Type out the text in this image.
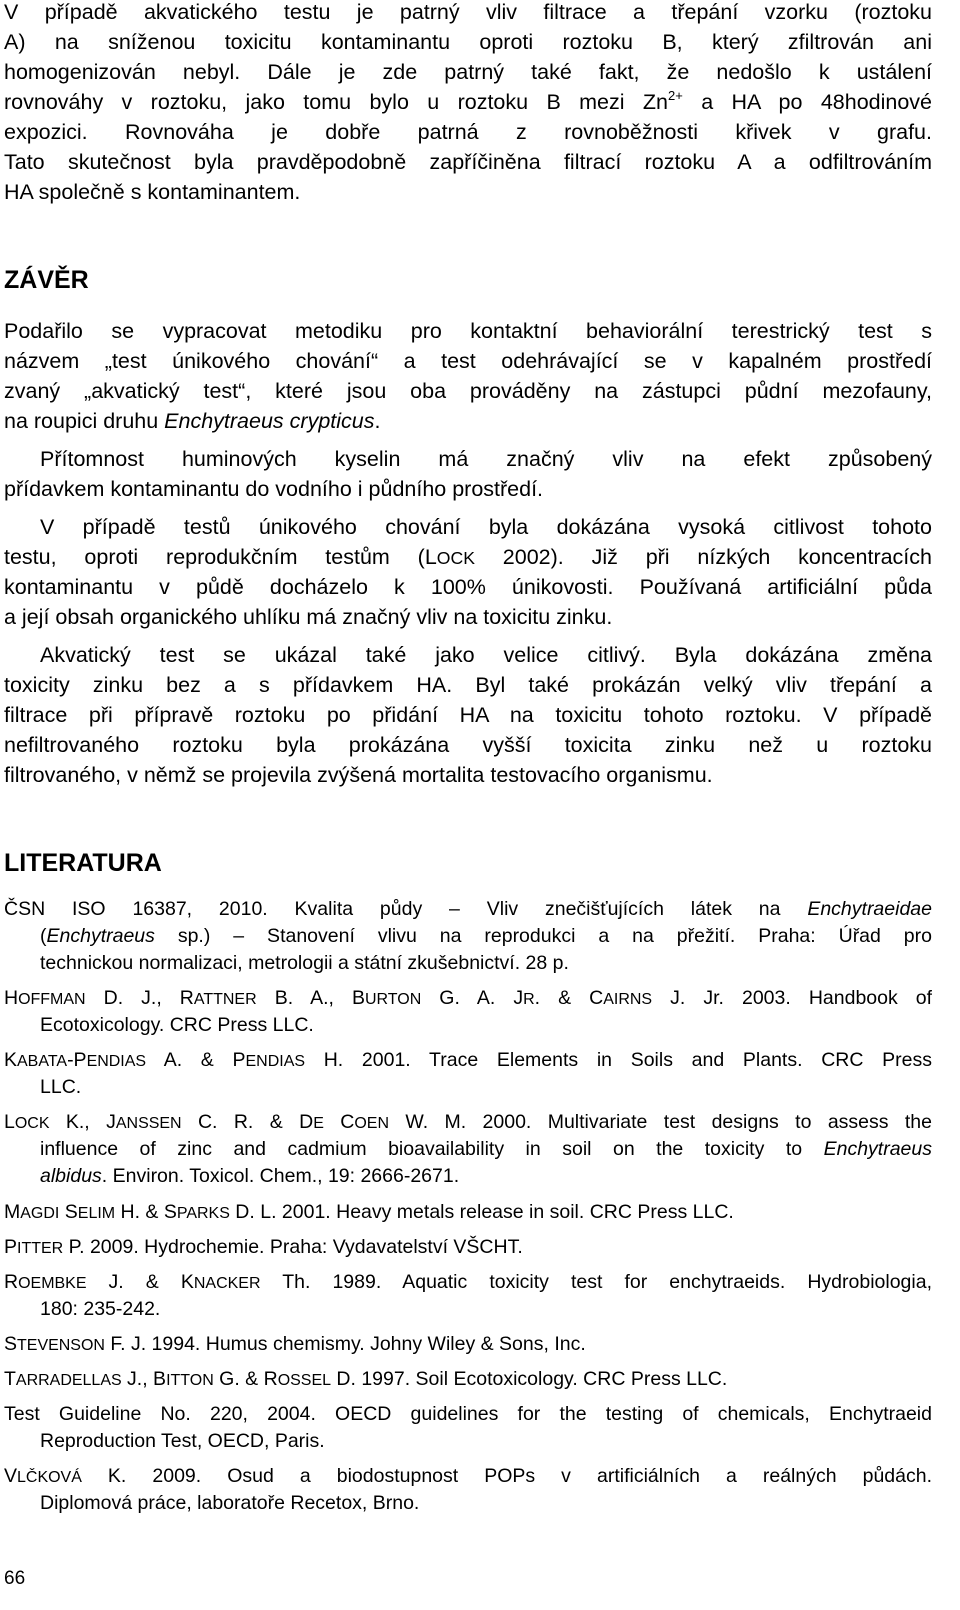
V případě akvatického testu je patrný vliv filtrace a třepání vzorku (roztoku
A) na sníženou toxicitu kontaminantu oproti roztoku B, který zfiltrován ani
homogenizován nebyl. Dále je zde patrný také fakt, že nedošlo k ustálení
rovnováhy v roztoku, jako tomu bylo u roztoku B mezi $Zn^{2+}$ a HA po 48hodinové
expozici. Rovnováha je dobře patrná z rovnoběžnosti křivek v grafu.
Tato skutečnost byla pravděpodobně zapříčiněna filtrací roztoku A a odfiltrováním
HA společně s kontaminantem.
ZÁVĚR
Podařilo se vypracovat metodiku pro kontaktní behaviorální terestrický test s
názvem „test únikového chování“ a test odehrávající se v kapalném prostředí
zvaný „akvatický test“, které jsou oba prováděny na zástupci půdní mezofauny,
na roupici druhu Enchytraeus crypticus.
Přítomnost huminových kyselin má značný vliv na efekt způsobený
přídavkem kontaminantu do vodního i půdního prostředí.
V případě testů únikového chování byla dokázána vysoká citlivost tohoto
testu, oproti reprodukčním testům (LOCK 2002). Již při nízkých koncentracích
kontaminantu v půdě docházelo k 100% únikovosti. Používaná artificiální půda
a její obsah organického uhlíku má značný vliv na toxicitu zinku.
Akvatický test se ukázal také jako velice citlivý. Byla dokázána změna
toxicity zinku bez a s přídavkem HA. Byl také prokázán velký vliv třepání a
filtrace při přípravě roztoku po přidání HA na toxicitu tohoto roztoku. V případě
nefiltrovaného roztoku byla prokázána vyšší toxicita zinku než u roztoku
filtrovaného, v němž se projevila zvýšená mortalita testovacího organismu.
LITERATURA
ČSN ISO 16387, 2010. Kvalita půdy – Vliv znečišťujících látek na Enchytraeidae
(Enchytraeus sp.) – Stanovení vlivu na reprodukci a na přežití. Praha: Úřad pro
technickou normalizaci, metrologii a státní zkušebnictví. 28 p.
HOFFMAN D. J., RATTNER B. A., BURTON G. A. JR. & CAIRNS J. Jr. 2003. Handbook of
Ecotoxicology. CRC Press LLC.
KABATA-PENDIAS A. & PENDIAS H. 2001. Trace Elements in Soils and Plants. CRC Press
LLC.
LOCK K., JANSSEN C. R. & DE COEN W. M. 2000. Multivariate test designs to assess the
influence of zinc and cadmium bioavailability in soil on the toxicity to Enchytraeus
albidus. Environ. Toxicol. Chem., 19: 2666-2671.
MAGDI SELIM H. & SPARKS D. L. 2001. Heavy metals release in soil. CRC Press LLC.
PITTER P. 2009. Hydrochemie. Praha: Vydavatelství VŠCHT.
ROEMBKE J. & KNACKER Th. 1989. Aquatic toxicity test for enchytraeids. Hydrobiologia,
180: 235-242.
STEVENSON F. J. 1994. Humus chemismy. Johny Wiley & Sons, Inc.
TARRADELLAS J., BITTON G. & ROSSEL D. 1997. Soil Ecotoxicology. CRC Press LLC.
Test Guideline No. 220, 2004. OECD guidelines for the testing of chemicals, Enchytraeid
Reproduction Test, OECD, Paris.
VLČKOVÁ K. 2009. Osud a biodostupnost POPs v artificiálních a reálných půdách.
Diplomová práce, laboratoře Recetox, Brno.
66
